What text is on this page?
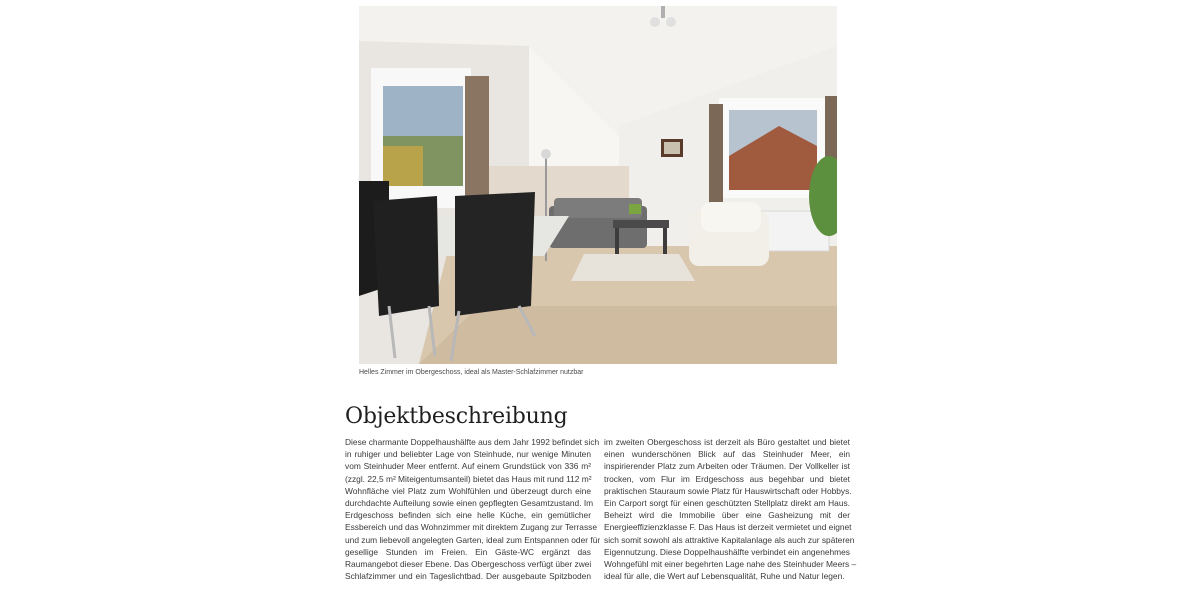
Helles Zimmer im Obergeschoss, ideal als Master-Schlafzimmer nutzbar
Objektbeschreibung

Diese charmante Doppelhaushälfte aus dem Jahr 1992 befindet sich
in ruhiger und beliebter Lage von Steinhude, nur wenige Minuten
vom Steinhuder Meer entfernt. Auf einem Grundstück von 336 m²
(zzgl. 22,5 m² Miteigentumsanteil) bietet das Haus mit rund 112 m²
Wohnfläche viel Platz zum Wohlfühlen und überzeugt durch eine
durchdachte Aufteilung sowie einen gepflegten Gesamtzustand. Im
Erdgeschoss befinden sich eine helle Küche, ein gemütlicher
Essbereich und das Wohnzimmer mit direktem Zugang zur Terrasse
und zum liebevoll angelegten Garten, ideal zum Entspannen oder für
gesellige Stunden im Freien. Ein Gäste-WC ergänzt das
Raumangebot dieser Ebene. Das Obergeschoss verfügt über zwei
Schlafzimmer und ein Tageslichtbad. Der ausgebaute Spitzboden

im zweiten Obergeschoss ist derzeit als Büro gestaltet und bietet
einen wunderschönen Blick auf das Steinhuder Meer, ein
inspirierender Platz zum Arbeiten oder Träumen. Der Vollkeller ist
trocken, vom Flur im Erdgeschoss aus begehbar und bietet
praktischen Stauraum sowie Platz für Hauswirtschaft oder Hobbys.
Ein Carport sorgt für einen geschützten Stellplatz direkt am Haus.
Beheizt wird die Immobilie über eine Gasheizung mit der
Energieeffizienzklasse F. Das Haus ist derzeit vermietet und eignet
sich somit sowohl als attraktive Kapitalanlage als auch zur späteren
Eigennutzung. Diese Doppelhaushälfte verbindet ein angenehmes
Wohngefühl mit einer begehrten Lage nahe des Steinhuder Meers –
ideal für alle, die Wert auf Lebensqualität, Ruhe und Natur legen.
